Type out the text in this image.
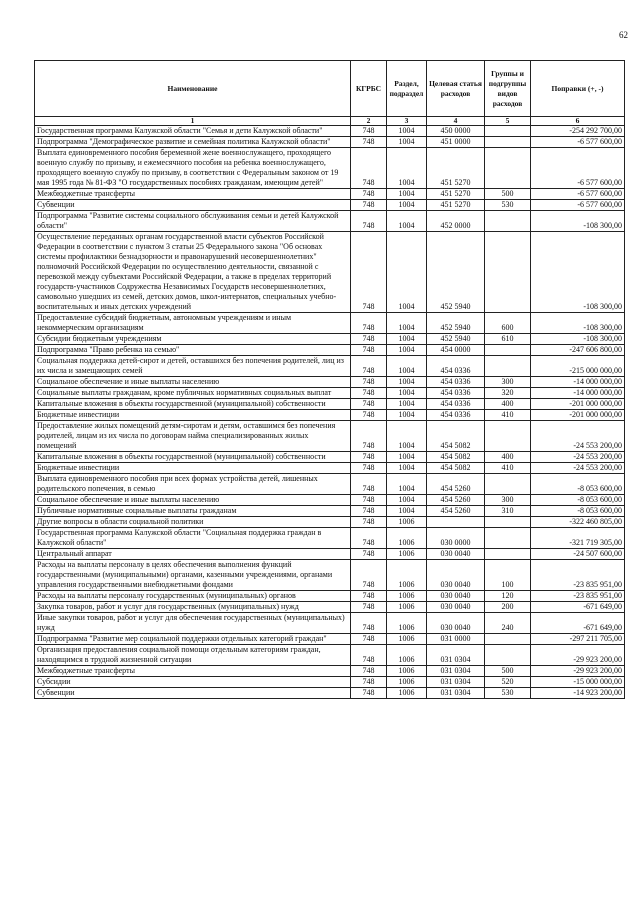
62
Наименование	КГРБС	Раздел, подраздел	Целевая статья расходов	Группы и подгруппы видов расходов	Поправки (+, -)
1	2	3	4	5	6
Государственная программа Калужской области "Семья и дети Калужской области"	748	1004	450 0000		-254 292 700,00
Подпрограмма "Демографическое развитие и семейная политика Калужской области"	748	1004	451 0000		-6 577 600,00
Выплата единовременного пособия беременной жене военнослужащего, проходящего военную службу по призыву, и ежемесячного пособия на ребенка военнослужащего, проходящего военную службу по призыву, в соответствии с Федеральным законом от 19 мая 1995 года № 81-ФЗ "О государственных пособиях гражданам, имеющим детей"	748	1004	451 5270		-6 577 600,00
Межбюджетные трансферты	748	1004	451 5270	500	-6 577 600,00
Субвенции	748	1004	451 5270	530	-6 577 600,00
Подпрограмма "Развитие системы социального обслуживания семьи и детей Калужской области"	748	1004	452 0000		-108 300,00
Осуществление переданных органам государственной власти субъектов Российской Федерации в соответствии с пунктом 3 статьи 25 Федерального закона "Об основах системы профилактики безнадзорности и правонарушений несовершеннолетних" полномочий Российской Федерации по осуществлению деятельности, связанной с перевозкой между субъектами Российской Федерации, а также в пределах территорий государств-участников Содружества Независимых Государств несовершеннолетних, самовольно ушедших из семей, детских домов, школ-интернатов, специальных учебно-воспитательных и иных детских учреждений	748	1004	452 5940		-108 300,00
Предоставление субсидий бюджетным, автономным учреждениям и иным некоммерческим организациям	748	1004	452 5940	600	-108 300,00
Субсидии бюджетным учреждениям	748	1004	452 5940	610	-108 300,00
Подпрограмма "Право ребенка на семью"	748	1004	454 0000		-247 606 800,00
Социальная поддержка детей-сирот и детей, оставшихся без попечения родителей, лиц из их числа и замещающих семей	748	1004	454 0336		-215 000 000,00
Социальное обеспечение и иные выплаты населению	748	1004	454 0336	300	-14 000 000,00
Социальные выплаты гражданам, кроме публичных нормативных социальных выплат	748	1004	454 0336	320	-14 000 000,00
Капитальные вложения в объекты государственной (муниципальной) собственности	748	1004	454 0336	400	-201 000 000,00
Бюджетные инвестиции	748	1004	454 0336	410	-201 000 000,00
Предоставление жилых помещений детям-сиротам и детям, оставшимся без попечения родителей, лицам из их числа по договорам найма специализированных жилых помещений	748	1004	454 5082		-24 553 200,00
Капитальные вложения в объекты государственной (муниципальной) собственности	748	1004	454 5082	400	-24 553 200,00
Бюджетные инвестиции	748	1004	454 5082	410	-24 553 200,00
Выплата единовременного пособия при всех формах устройства детей, лишенных родительского попечения, в семью	748	1004	454 5260		-8 053 600,00
Социальное обеспечение и иные выплаты населению	748	1004	454 5260	300	-8 053 600,00
Публичные нормативные социальные выплаты гражданам	748	1004	454 5260	310	-8 053 600,00
Другие вопросы в области социальной политики	748	1006			-322 460 805,00
Государственная программа Калужской области "Социальная поддержка граждан в Калужской области"	748	1006	030 0000		-321 719 305,00
Центральный аппарат	748	1006	030 0040		-24 507 600,00
Расходы на выплаты персоналу в целях обеспечения выполнения функций государственными (муниципальными) органами, казенными учреждениями, органами управления государственными внебюджетными фондами	748	1006	030 0040	100	-23 835 951,00
Расходы на выплаты персоналу государственных (муниципальных) органов	748	1006	030 0040	120	-23 835 951,00
Закупка товаров, работ и услуг для государственных (муниципальных) нужд	748	1006	030 0040	200	-671 649,00
Иные закупки товаров, работ и услуг для обеспечения государственных (муниципальных) нужд	748	1006	030 0040	240	-671 649,00
Подпрограмма "Развитие мер социальной поддержки отдельных категорий граждан"	748	1006	031 0000		-297 211 705,00
Организация предоставления социальной помощи отдельным категориям граждан, находящимся в трудной жизненной ситуации	748	1006	031 0304		-29 923 200,00
Межбюджетные трансферты	748	1006	031 0304	500	-29 923 200,00
Субсидии	748	1006	031 0304	520	-15 000 000,00
Субвенции	748	1006	031 0304	530	-14 923 200,00
